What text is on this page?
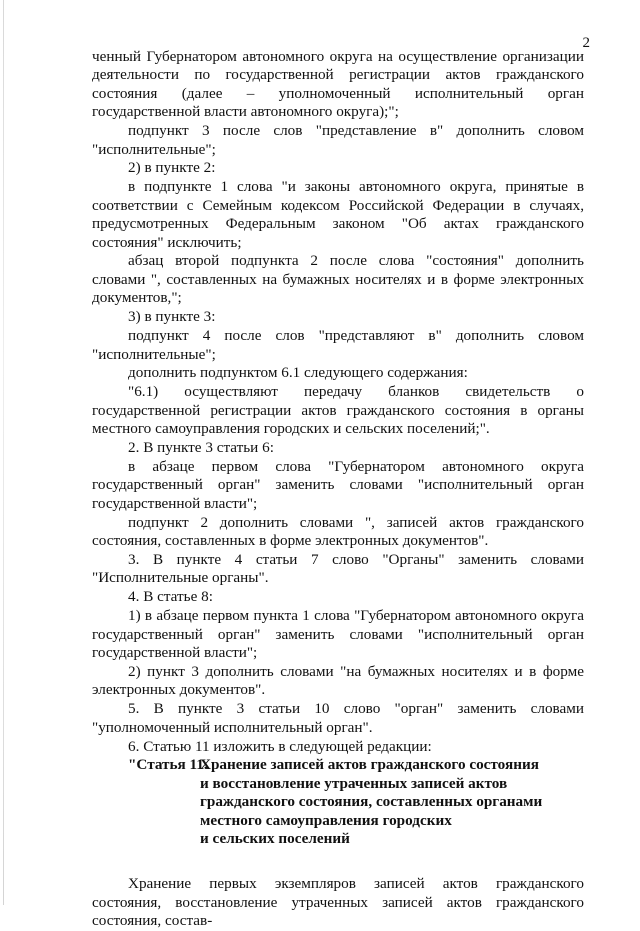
2

ченный Губернатором автономного округа на осуществление организации деятельности по государственной регистрации актов гражданского состояния (далее – уполномоченный исполнительный орган государственной власти автономного округа);";

подпункт 3 после слов "представление в" дополнить словом "исполнительные";

2) в пункте 2:

в подпункте 1 слова "и законы автономного округа, принятые в соответствии с Семейным кодексом Российской Федерации в случаях, предусмотренных Федеральным законом "Об актах гражданского состояния" исключить;

абзац второй подпункта 2 после слова "состояния" дополнить словами ", составленных на бумажных носителях и в форме электронных документов,";

3) в пункте 3:

подпункт 4 после слов "представляют в" дополнить словом "исполнительные";

дополнить подпунктом 6.1 следующего содержания:

"6.1) осуществляют передачу бланков свидетельств о государственной регистрации актов гражданского состояния в органы местного самоуправления городских и сельских поселений;".

2. В пункте 3 статьи 6:

в абзаце первом слова "Губернатором автономного округа государственный орган" заменить словами "исполнительный орган государственной власти";

подпункт 2 дополнить словами ", записей актов гражданского состояния, составленных в форме электронных документов".

3. В пункте 4 статьи 7 слово "Органы" заменить словами "Исполнительные органы".

4. В статье 8:

1) в абзаце первом пункта 1 слова "Губернатором автономного округа государственный орган" заменить словами "исполнительный орган государственной власти";

2) пункт 3 дополнить словами "на бумажных носителях и в форме электронных документов".

5. В пункте 3 статьи 10 слово "орган" заменить словами "уполномоченный исполнительный орган".

6. Статью 11 изложить в следующей редакции:

"Статья 11.
Хранение записей актов гражданского состояния
и восстановление утраченных записей актов
гражданского состояния, составленных органами
местного самоуправления городских
и сельских поселений

Хранение первых экземпляров записей актов гражданского состояния, восстановление утраченных записей актов гражданского состояния, состав-
